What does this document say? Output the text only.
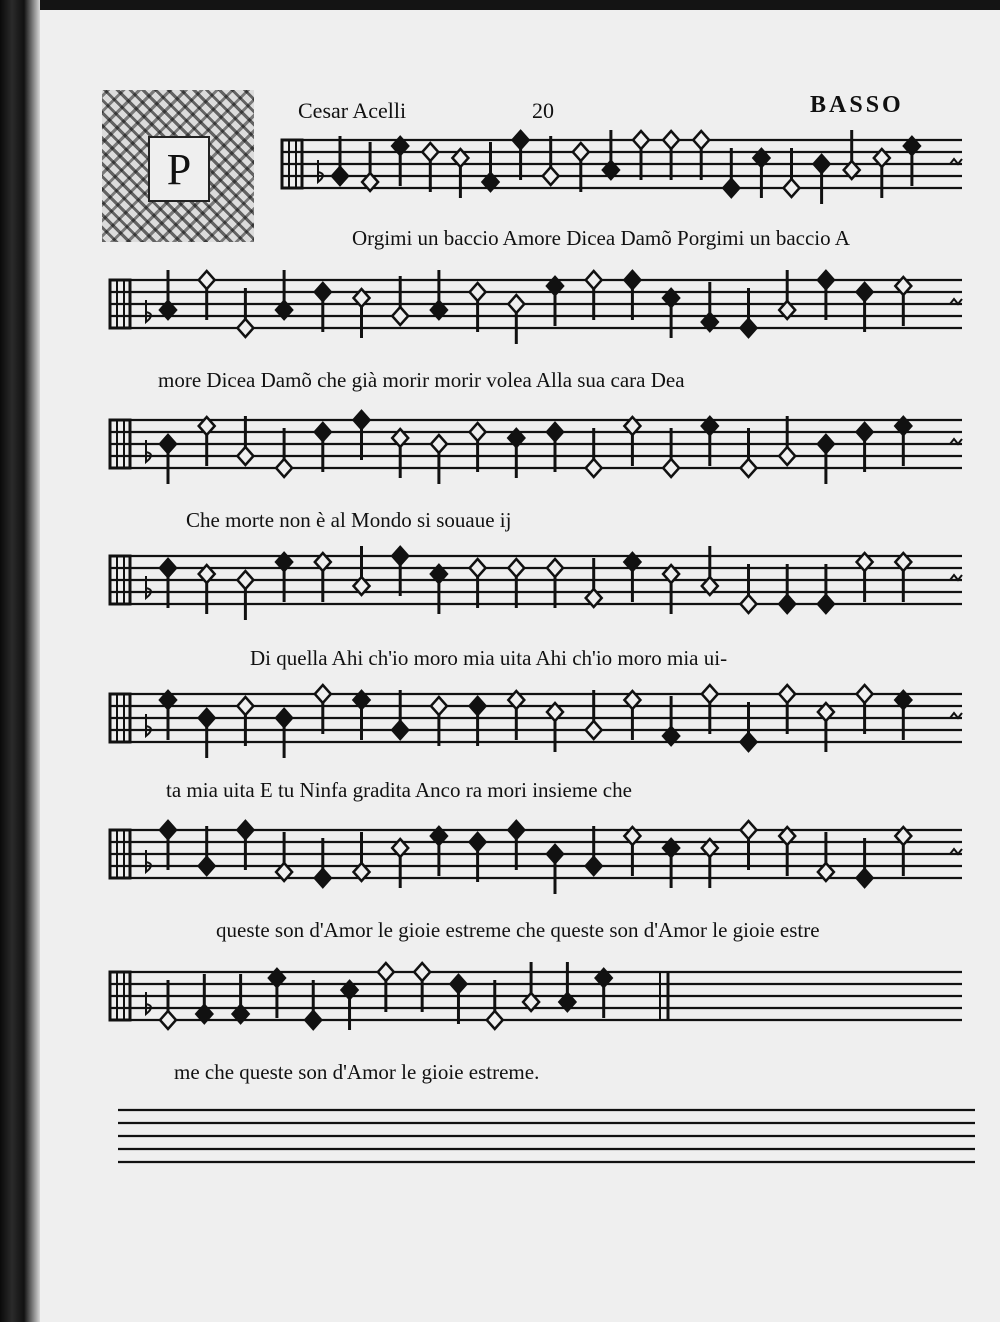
Cesar Acelli	20	BASSO
P

Orgimi un baccio Amore Dicea Damõ Porgimi un baccio A

more Dicea Damõ che già morir morir volea Alla sua cara Dea

Che morte non è al Mondo si souaue ij

Di quella Ahi ch'io moro mia uita Ahi ch'io moro mia ui-

ta mia uita E tu Ninfa gradita Anco ra mori insieme che

queste son d'Amor le gioie estreme che queste son d'Amor le gioie estre

me che queste son d'Amor le gioie estreme.
